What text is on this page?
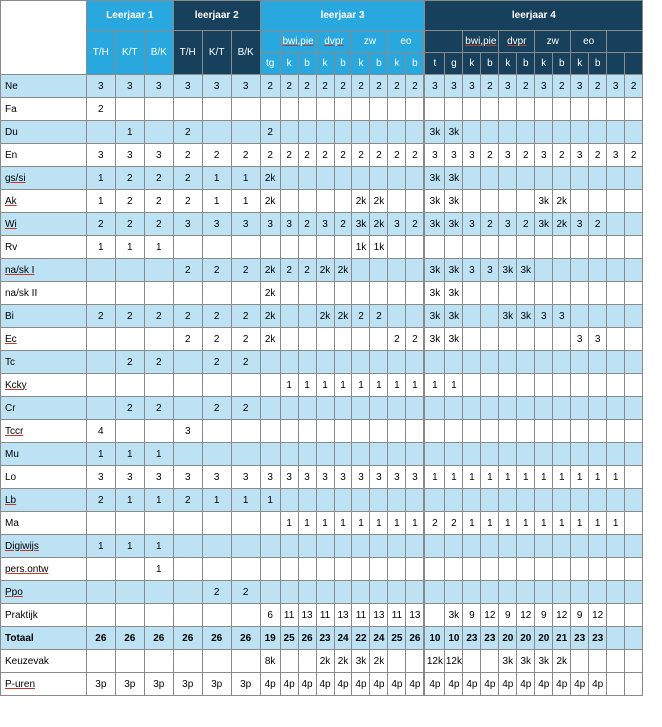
	Leerjaar 1			leerjaar 2			leerjaar 3									leerjaar 4											
	T/H	K/T	B/K	T/H	K/T	B/K		bwi,pie		dvpr		zw		eo				bwi,pie		dvpr		zw		eo			
							tg	k	b	k	b	k	b	k	b		t	g	k	b	k	b	k	b	k	b		
Ne	3	3	3	3	3	3	2	2	2	2	2	2	2	2	2		3	3	3	2	3	2	3	2	3	2	3	2
Fa	2																											
Du		1		2			2										3k	3k										
En	3	3	3	2	2	2	2	2	2	2	2	2	2	2	2		3	3	3	2	3	2	3	2	3	2	3	2
gs/si	1	2	2	2	1	1	2k										3k	3k										
Ak	1	2	2	2	1	1	2k					2k	2k				3k	3k					3k	2k				
Wi	2	2	2	3	3	3	3	3	2	3	2	3k	2k	3	2		3k	3k	3	2	3	2	3k	2k	3	2		
Rv	1	1	1									1k	1k															
na/sk I				2	2	2	2k	2	2	2k	2k						3k	3k	3	3	3k	3k						
na/sk II							2k										3k	3k										
Bi	2	2	2	2	2	2	2k			2k	2k	2	2				3k	3k			3k	3k	3	3				
Ec				2	2	2	2k							2	2		3k	3k							3	3		
Tc		2	2		2	2																						
Kcky								1	1	1	1	1	1	1	1		1	1										
Cr		2	2		2	2																						
Tccr	4			3																								
Mu	1	1	1																									
Lo	3	3	3	3	3	3	3	3	3	3	3	3	3	3	3		1	1	1	1	1	1	1	1	1	1	1	
Lb	2	1	1	2	1	1	1																					
Ma								1	1	1	1	1	1	1	1		2	2	1	1	1	1	1	1	1	1	1	
Digiwijs	1	1	1																									
pers.ontw			1																									
Ppo					2	2																						
Praktijk							6	11	13	11	13	11	13	11	13			3k	9	12	9	12	9	12	9	12		
Totaal	26	26	26	26	26	26	19	25	26	23	24	22	24	25	26		10	10	23	23	20	20	20	21	23	23		
Keuzevak							8k			2k	2k	3k	2k				12k	12k			3k	3k	3k	2k				
P-uren	3p	3p	3p	3p	3p	3p	4p	4p	4p	4p	4p	4p	4p	4p	4p		4p	4p	4p	4p	4p	4p	4p	4p	4p	4p		
